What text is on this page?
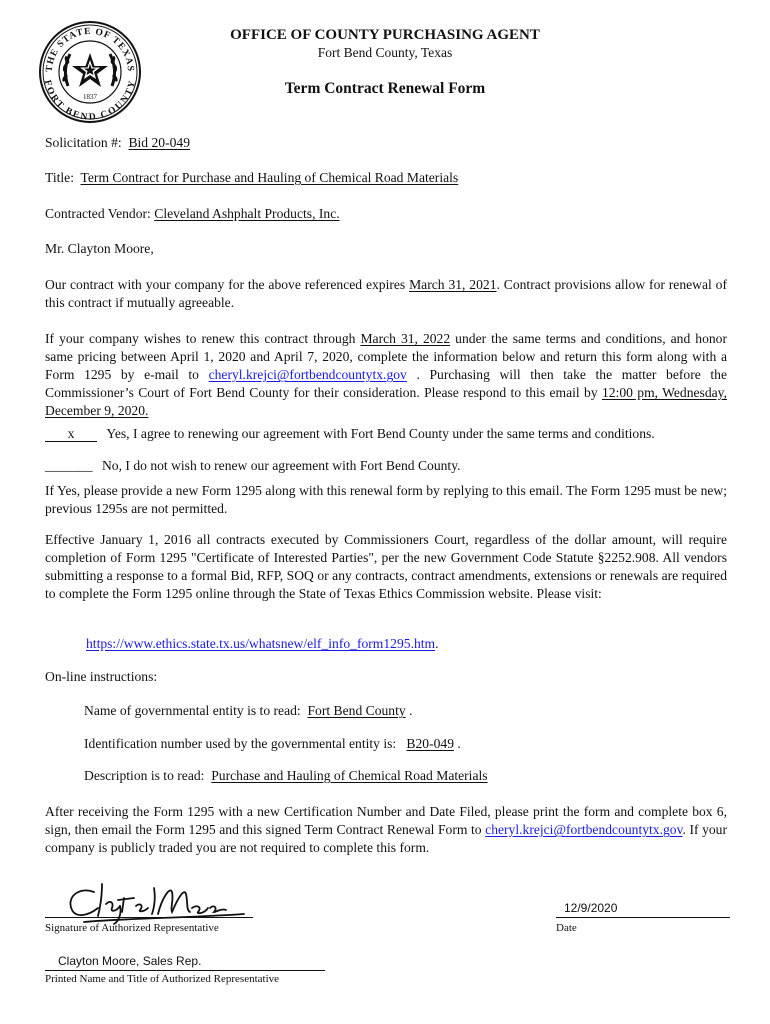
THE STATE OF TEXAS
FORT BEND COUNTY
1837
OFFICE OF COUNTY PURCHASING AGENT
Fort Bend County, Texas
Term Contract Renewal Form
Solicitation #: Bid 20-049
Title: Term Contract for Purchase and Hauling of Chemical Road Materials
Contracted Vendor: Cleveland Ashphalt Products, Inc.
Mr. Clayton Moore,
Our contract with your company for the above referenced expires March 31, 2021. Contract provisions allow for renewal of this contract if mutually agreeable.
If your company wishes to renew this contract through March 31, 2022 under the same terms and conditions, and honor same pricing between April 1, 2020 and April 7, 2020, complete the information below and return this form along with a Form 1295 by e-mail to cheryl.krejci@fortbendcountytx.gov . Purchasing will then take the matter before the Commissioner’s Court of Fort Bend County for their consideration. Please respond to this email by 12:00 pm, Wednesday, December 9, 2020.
x Yes, I agree to renewing our agreement with Fort Bend County under the same terms and conditions.
_______ No, I do not wish to renew our agreement with Fort Bend County.
If Yes, please provide a new Form 1295 along with this renewal form by replying to this email. The Form 1295 must be new; previous 1295s are not permitted.
Effective January 1, 2016 all contracts executed by Commissioners Court, regardless of the dollar amount, will require completion of Form 1295 "Certificate of Interested Parties", per the new Government Code Statute §2252.908. All vendors submitting a response to a formal Bid, RFP, SOQ or any contracts, contract amendments, extensions or renewals are required to complete the Form 1295 online through the State of Texas Ethics Commission website. Please visit:
https://www.ethics.state.tx.us/whatsnew/elf_info_form1295.htm.
On-line instructions:
Name of governmental entity is to read: Fort Bend County .
Identification number used by the governmental entity is: B20-049 .
Description is to read: Purchase and Hauling of Chemical Road Materials
After receiving the Form 1295 with a new Certification Number and Date Filed, please print the form and complete box 6, sign, then email the Form 1295 and this signed Term Contract Renewal Form to cheryl.krejci@fortbendcountytx.gov. If your company is publicly traded you are not required to complete this form.
12/9/2020
Signature of Authorized Representative	Date
Clayton Moore, Sales Rep.
Printed Name and Title of Authorized Representative
